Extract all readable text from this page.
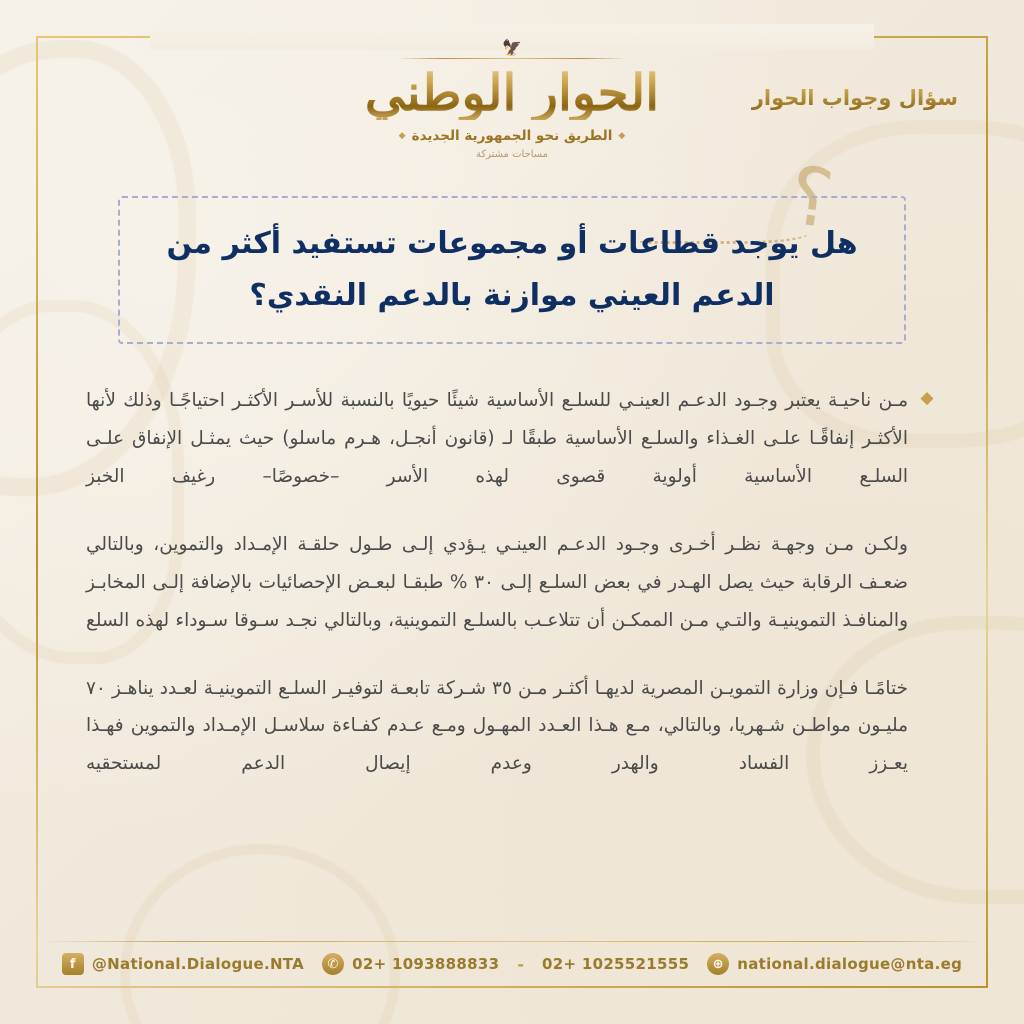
سؤال وجواب الحوار
🦅
الحوار الوطني
◆الطريق نحو الجمهورية الجديدة◆
مساحات مشتركة	؟
هل يوجد قطاعات أو مجموعات تستفيد أكثر من الدعم العيني موازنة بالدعم النقدي؟
◆
مـن ناحيـة يعتبر وجـود الدعـم العينـي للسلـع الأساسية شيئًا حيويًا بالنسبة للأسـر الأكثـر احتياجًـا وذلك لأنها الأكثـر إنفاقًـا علـى الغـذاء والسلـع الأساسية طبقًا لـ (قانون أنجـل، هـرم ماسلو) حيث يمثـل الإنفاق علـى السلـع الأساسية أولوية قصوى لهذه الأسر –خصوصًا– رغيف الخبز
ولكـن مـن وجهـة نظـر أخـرى وجـود الدعـم العينـي يـؤدي إلـى طـول حلقـة الإمـداد والتموين، وبالتالي ضعـف الرقابة حيث يصل الهـدر في بعض السلـع إلـى ٣٠ % طبقـا لبعـض الإحصائيات بالإضافة إلـى المخابـز والمنافـذ التموينيـة والتـي مـن الممكـن أن تتلاعـب بالسلـع التموينية، وبالتالي نجـد سـوقا سـوداء لهذه السلع
ختامًـا فـإن وزارة التمويـن المصرية لديهـا أكثـر مـن ٣٥ شـركة تابعـة لتوفيـر السلـع التموينيـة لعـدد يناهـز ٧٠ مليـون مواطـن شـهريا، وبالتالي، مـع هـذا العـدد المهـول ومـع عـدم كفـاءة سلاسـل الإمـداد والتموين فهـذا يعـزز الفساد والهدر وعدم إيصال الدعم لمستحقيه
f	@National.Dialogue.NTA	✆ 02+ 1093888833 - 02+ 1025521555	⊕ national.dialogue@nta.eg
